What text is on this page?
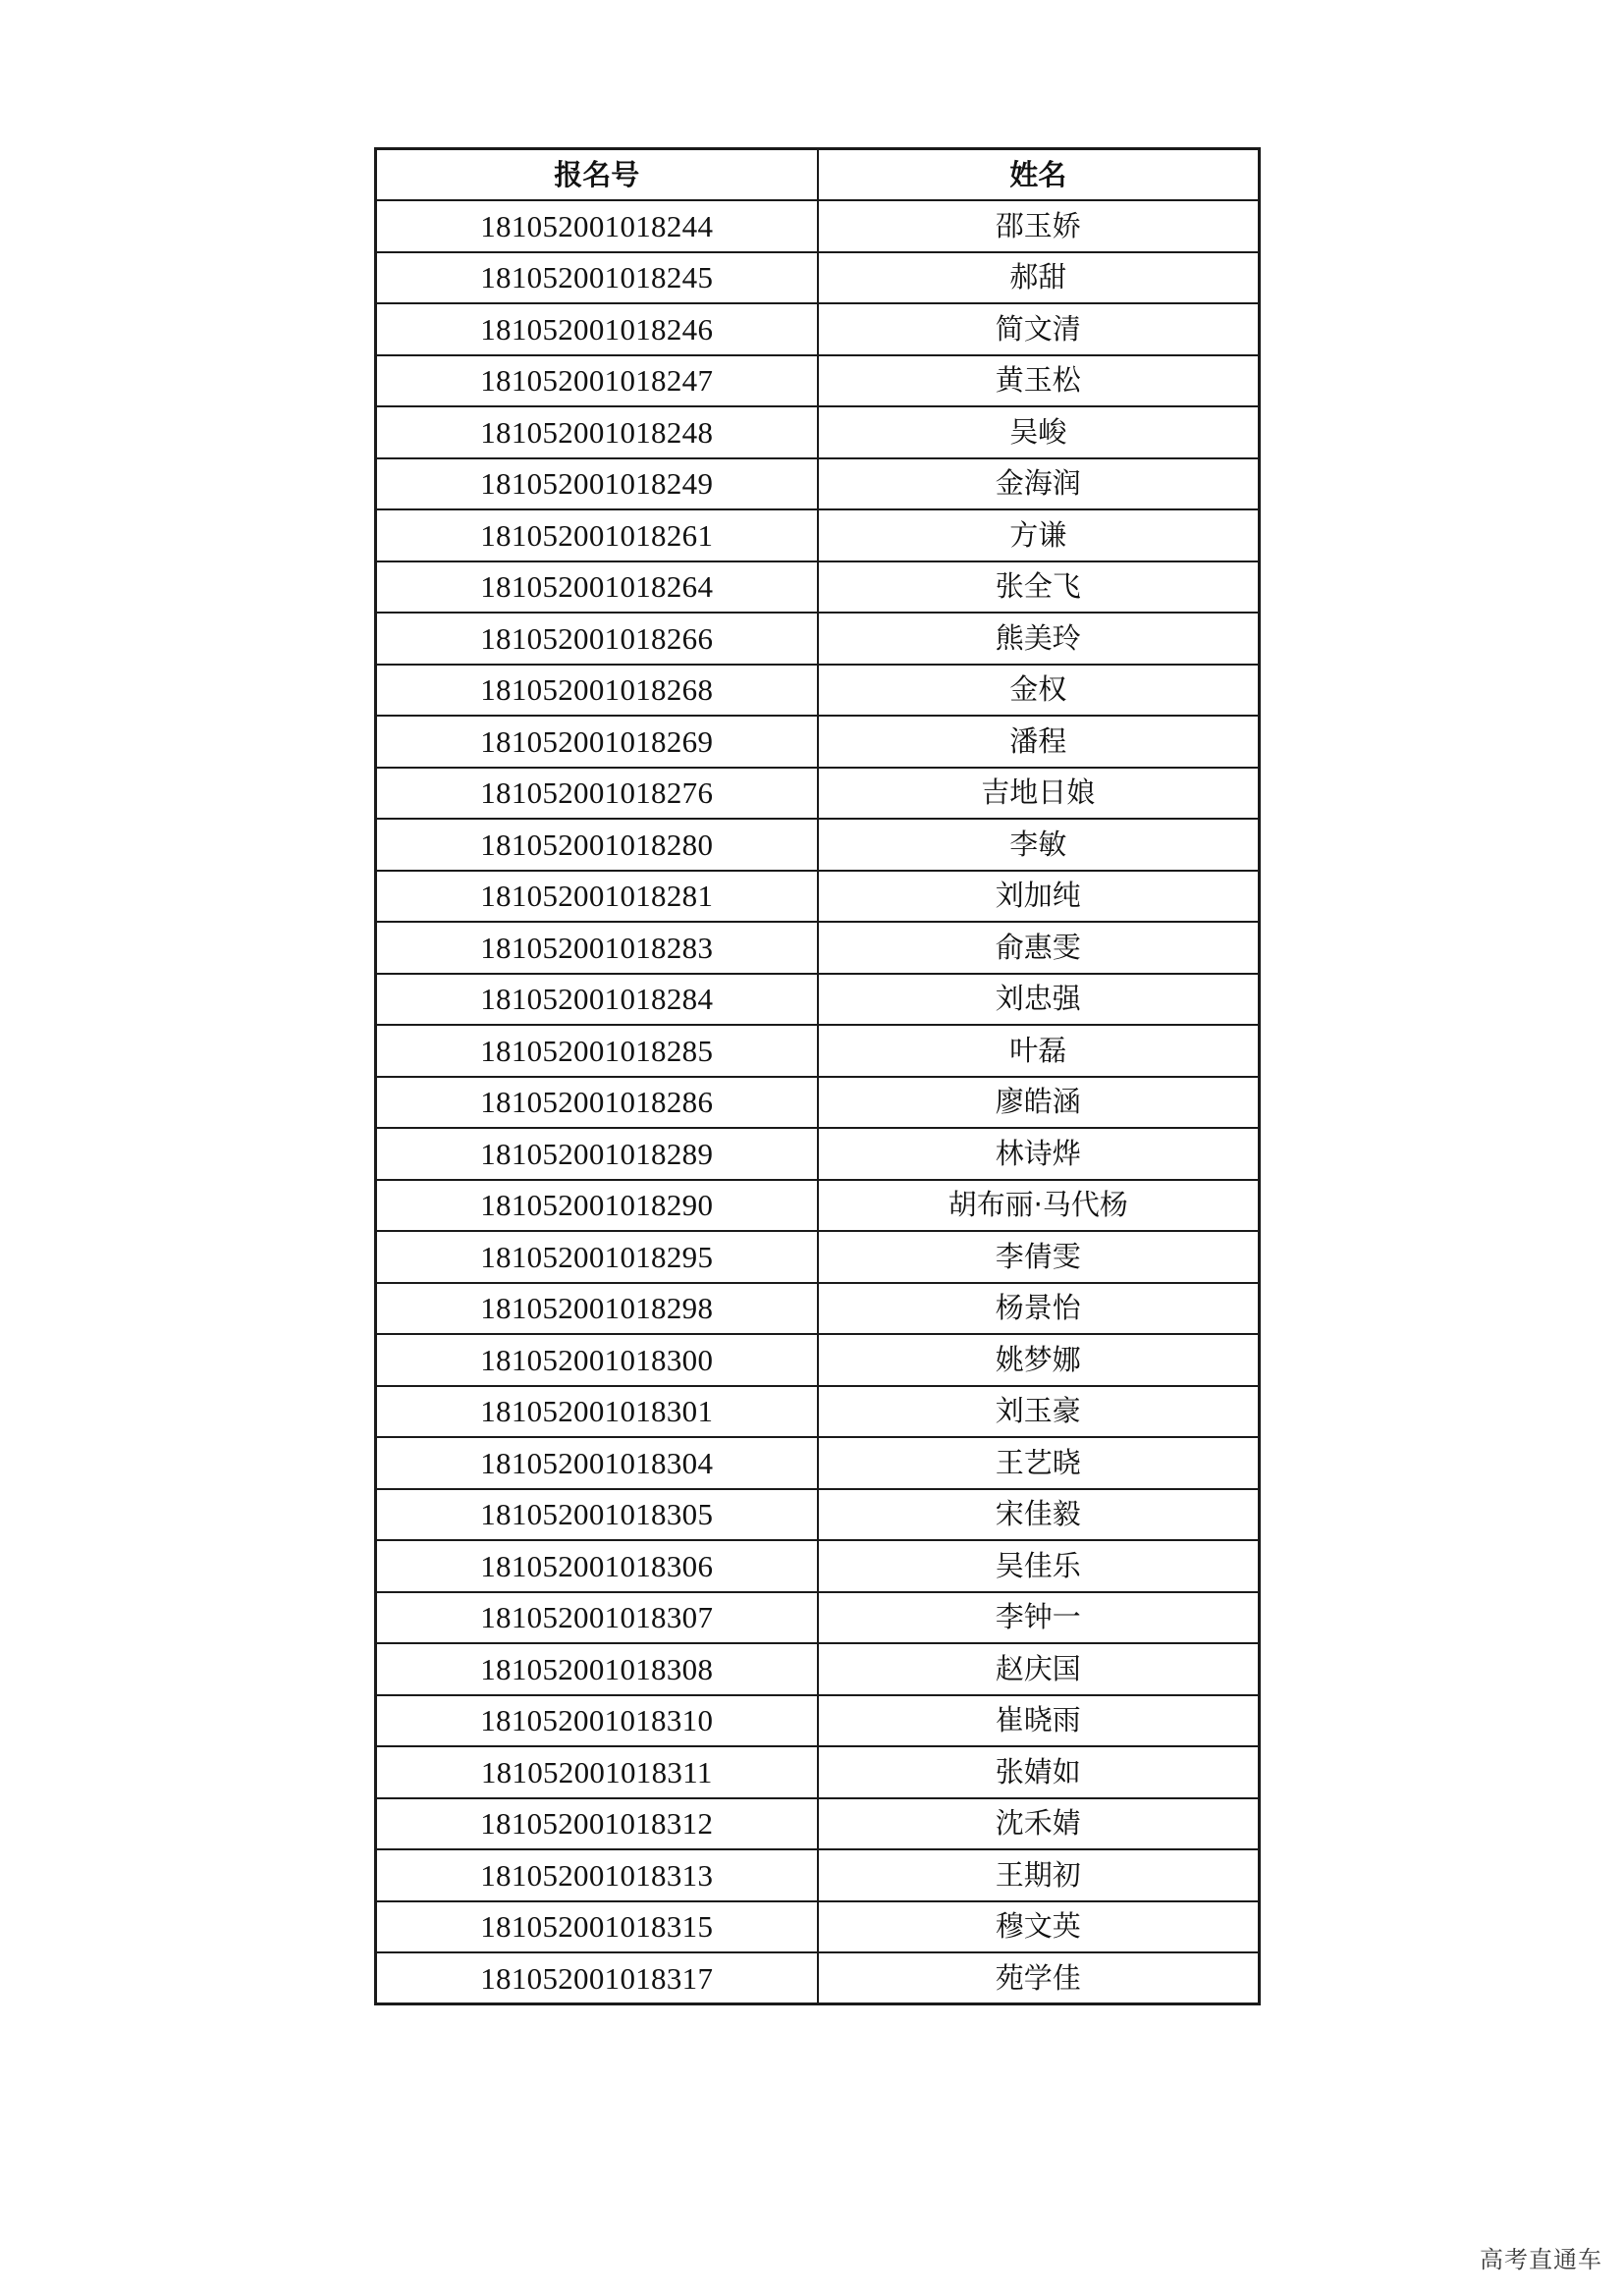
报名号	姓名
181052001018244	邵玉娇
181052001018245	郝甜
181052001018246	简文清
181052001018247	黄玉松
181052001018248	吴峻
181052001018249	金海润
181052001018261	方谦
181052001018264	张全飞
181052001018266	熊美玲
181052001018268	金权
181052001018269	潘程
181052001018276	吉地日娘
181052001018280	李敏
181052001018281	刘加纯
181052001018283	俞惠雯
181052001018284	刘忠强
181052001018285	叶磊
181052001018286	廖皓涵
181052001018289	林诗烨
181052001018290	胡布丽·马代杨
181052001018295	李倩雯
181052001018298	杨景怡
181052001018300	姚梦娜
181052001018301	刘玉豪
181052001018304	王艺晓
181052001018305	宋佳毅
181052001018306	吴佳乐
181052001018307	李钟一
181052001018308	赵庆国
181052001018310	崔晓雨
181052001018311	张婧如
181052001018312	沈禾婧
181052001018313	王期初
181052001018315	穆文英
181052001018317	苑学佳
高考直通车
